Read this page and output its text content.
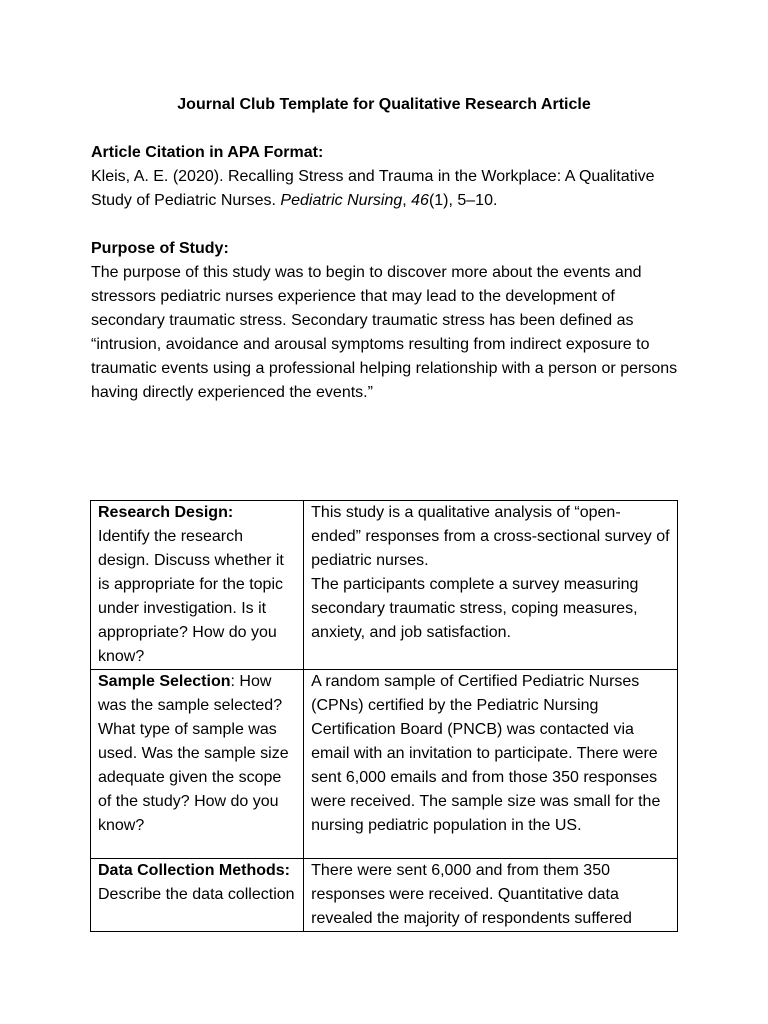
Journal Club Template for Qualitative Research Article
Article Citation in APA Format:
Kleis, A. E. (2020). Recalling Stress and Trauma in the Workplace: A Qualitative Study of Pediatric Nurses. Pediatric Nursing, 46(1), 5–10.
Purpose of Study:
The purpose of this study was to begin to discover more about the events and stressors pediatric nurses experience that may lead to the development of secondary traumatic stress. Secondary traumatic stress has been defined as “intrusion, avoidance and arousal symptoms resulting from indirect exposure to traumatic events using a professional helping relationship with a person or persons having directly experienced the events.”
Research Design:
Identify the research design. Discuss whether it is appropriate for the topic under investigation. Is it appropriate? How do you know?	This study is a qualitative analysis of “open-ended” responses from a cross-sectional survey of pediatric nurses.
The participants complete a survey measuring secondary traumatic stress, coping measures, anxiety, and job satisfaction.
Sample Selection: How was the sample selected? What type of sample was used. Was the sample size adequate given the scope of the study? How do you know?	A random sample of Certified Pediatric Nurses (CPNs) certified by the Pediatric Nursing Certification Board (PNCB) was contacted via email with an invitation to participate. There were sent 6,000 emails and from those 350 responses were received. The sample size was small for the nursing pediatric population in the US.
Data Collection Methods: Describe the data collection	There were sent 6,000 and from them 350 responses were received. Quantitative data revealed the majority of respondents suffered
